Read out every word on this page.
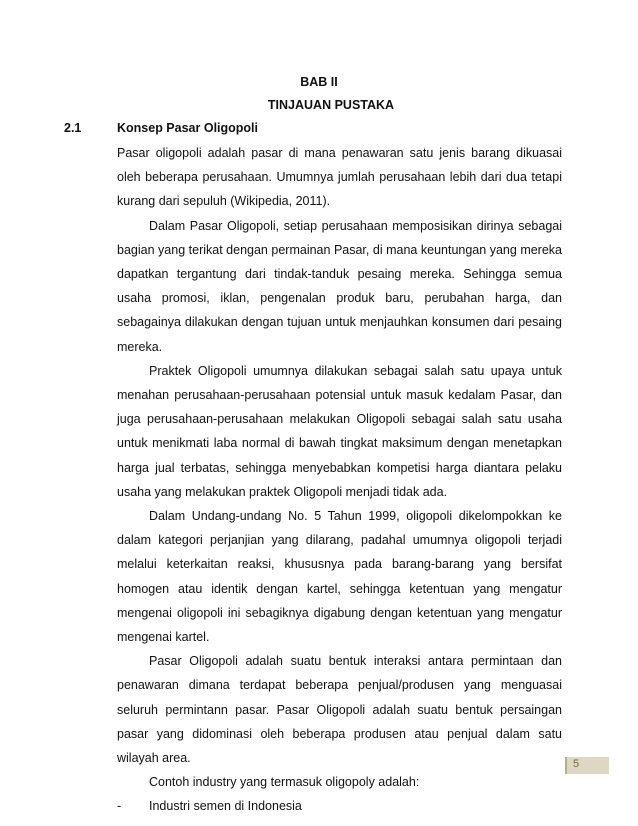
BAB II
TINJAUAN PUSTAKA
2.1	Konsep Pasar Oligopoli

Pasar oligopoli adalah pasar di mana penawaran satu jenis barang dikuasai oleh beberapa perusahaan. Umumnya jumlah perusahaan lebih dari dua tetapi kurang dari sepuluh (Wikipedia, 2011).

Dalam Pasar Oligopoli, setiap perusahaan memposisikan dirinya sebagai bagian yang terikat dengan permainan Pasar, di mana keuntungan yang mereka dapatkan tergantung dari tindak-tanduk pesaing mereka. Sehingga semua usaha promosi, iklan, pengenalan produk baru, perubahan harga, dan sebagainya dilakukan dengan tujuan untuk menjauhkan konsumen dari pesaing mereka.

Praktek Oligopoli umumnya dilakukan sebagai salah satu upaya untuk menahan perusahaan-perusahaan potensial untuk masuk kedalam Pasar, dan juga perusahaan-perusahaan melakukan Oligopoli sebagai salah satu usaha untuk menikmati laba normal di bawah tingkat maksimum dengan menetapkan harga jual terbatas, sehingga menyebabkan kompetisi harga diantara pelaku usaha yang melakukan praktek Oligopoli menjadi tidak ada.

Dalam Undang-undang No. 5 Tahun 1999, oligopoli dikelompokkan ke dalam kategori perjanjian yang dilarang, padahal umumnya oligopoli terjadi melalui keterkaitan reaksi, khususnya pada barang-barang yang bersifat homogen atau identik dengan kartel, sehingga ketentuan yang mengatur mengenai oligopoli ini sebagiknya digabung dengan ketentuan yang mengatur mengenai kartel.

Pasar Oligopoli adalah suatu bentuk interaksi antara permintaan dan penawaran dimana terdapat beberapa penjual/produsen yang menguasai seluruh permintann pasar. Pasar Oligopoli adalah suatu bentuk persaingan pasar yang didominasi oleh beberapa produsen atau penjual dalam satu wilayah area.

Contoh industry yang termasuk oligopoly adalah:

-	Industri semen di Indonesia
5
